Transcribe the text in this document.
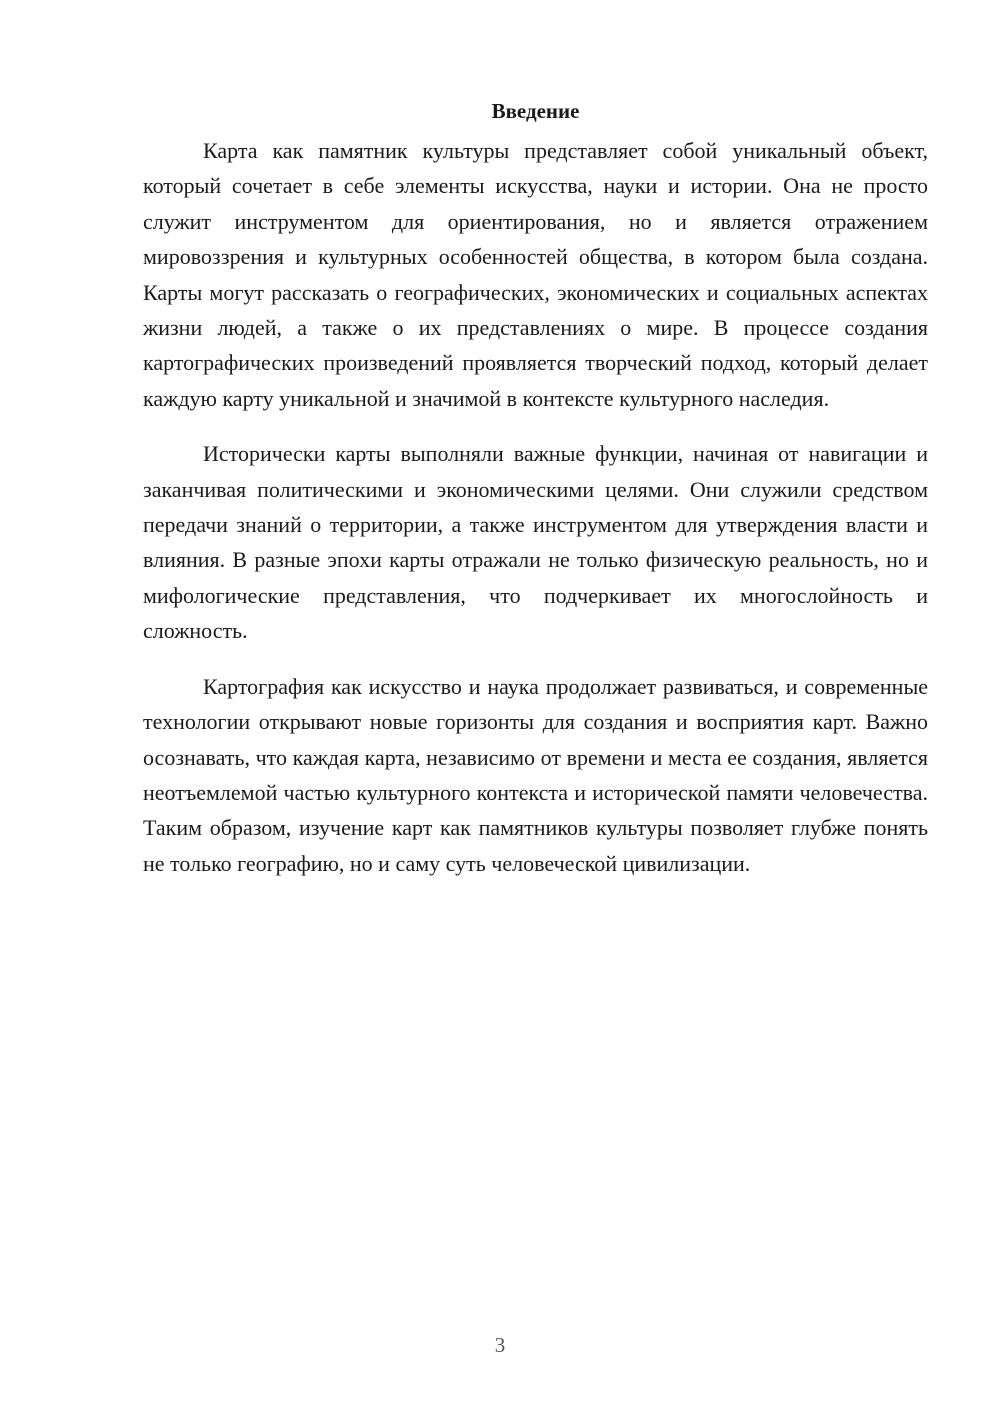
Введение

Карта как памятник культуры представляет собой уникальный объект, который сочетает в себе элементы искусства, науки и истории. Она не просто служит инструментом для ориентирования, но и является отражением мировоззрения и культурных особенностей общества, в котором была создана. Карты могут рассказать о географических, экономических и социальных аспектах жизни людей, а также о их представлениях о мире. В процессе создания картографических произведений проявляется творческий подход, который делает каждую карту уникальной и значимой в контексте культурного наследия.

Исторически карты выполняли важные функции, начиная от навигации и заканчивая политическими и экономическими целями. Они служили средством передачи знаний о территории, а также инструментом для утверждения власти и влияния. В разные эпохи карты отражали не только физическую реальность, но и мифологические представления, что подчеркивает их многослойность и сложность.

Картография как искусство и наука продолжает развиваться, и современные технологии открывают новые горизонты для создания и восприятия карт. Важно осознавать, что каждая карта, независимо от времени и места ее создания, является неотъемлемой частью культурного контекста и исторической памяти человечества. Таким образом, изучение карт как памятников культуры позволяет глубже понять не только географию, но и саму суть человеческой цивилизации.

3
